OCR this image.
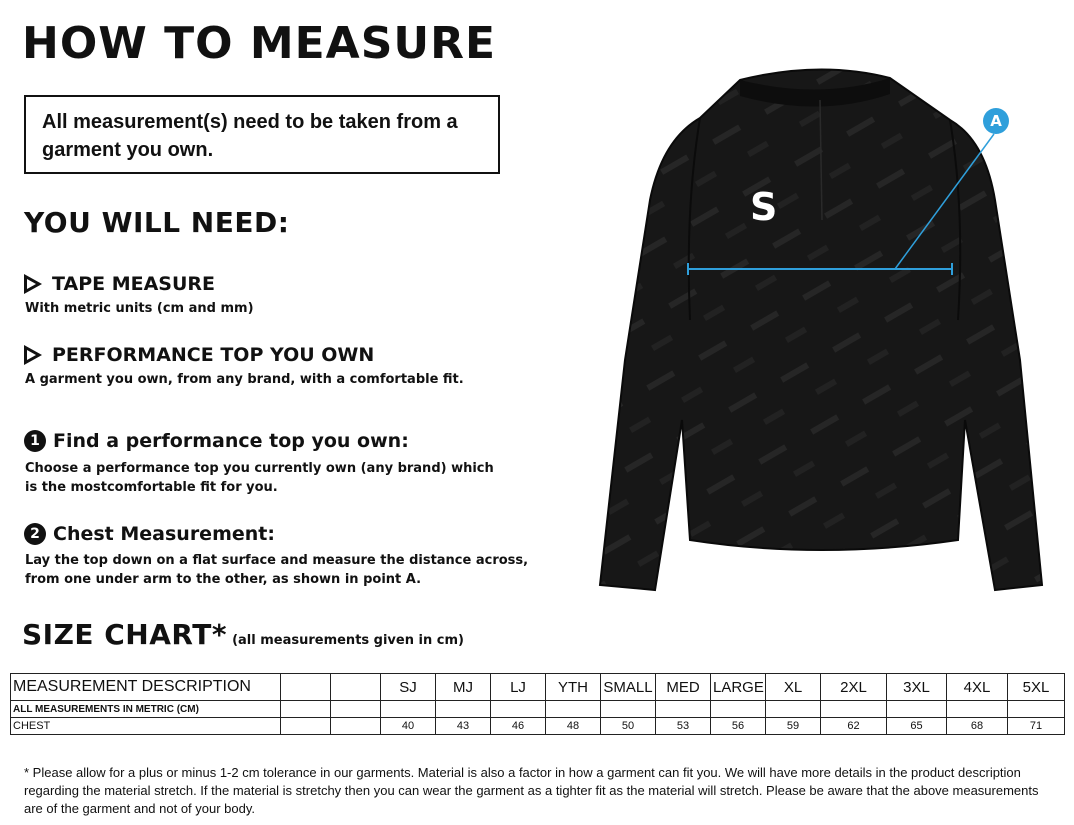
HOW TO MEASURE
All measurement(s) need to be taken from a garment you own.
YOU WILL NEED:
TAPE MEASURE
With metric units (cm and mm)
PERFORMANCE TOP YOU OWN
A garment you own, from any brand, with a comfortable fit.
1 Find a performance top you own:
Choose a performance top you currently own (any brand) which
is the mostcomfortable fit for you.
2 Chest Measurement:
Lay the top down on a flat surface and measure the distance across,
from one under arm to the other, as shown in point A.
S
A
SIZE CHART* (all measurements given in cm)
MEASUREMENT DESCRIPTION			SJ	MJ	LJ	YTH	SMALL	MED	LARGE	XL	2XL	3XL	4XL	5XL
ALL MEASUREMENTS IN METRIC (CM)														
CHEST			40	43	46	48	50	53	56	59	62	65	68	71
* Please allow for a plus or minus 1-2 cm tolerance in our garments. Material is also a factor in how a garment can fit you. We will have more details in the product description regarding the material stretch. If the material is stretchy then you can wear the garment as a tighter fit as the material will stretch. Please be aware that the above measurements are of the garment and not of your body.
